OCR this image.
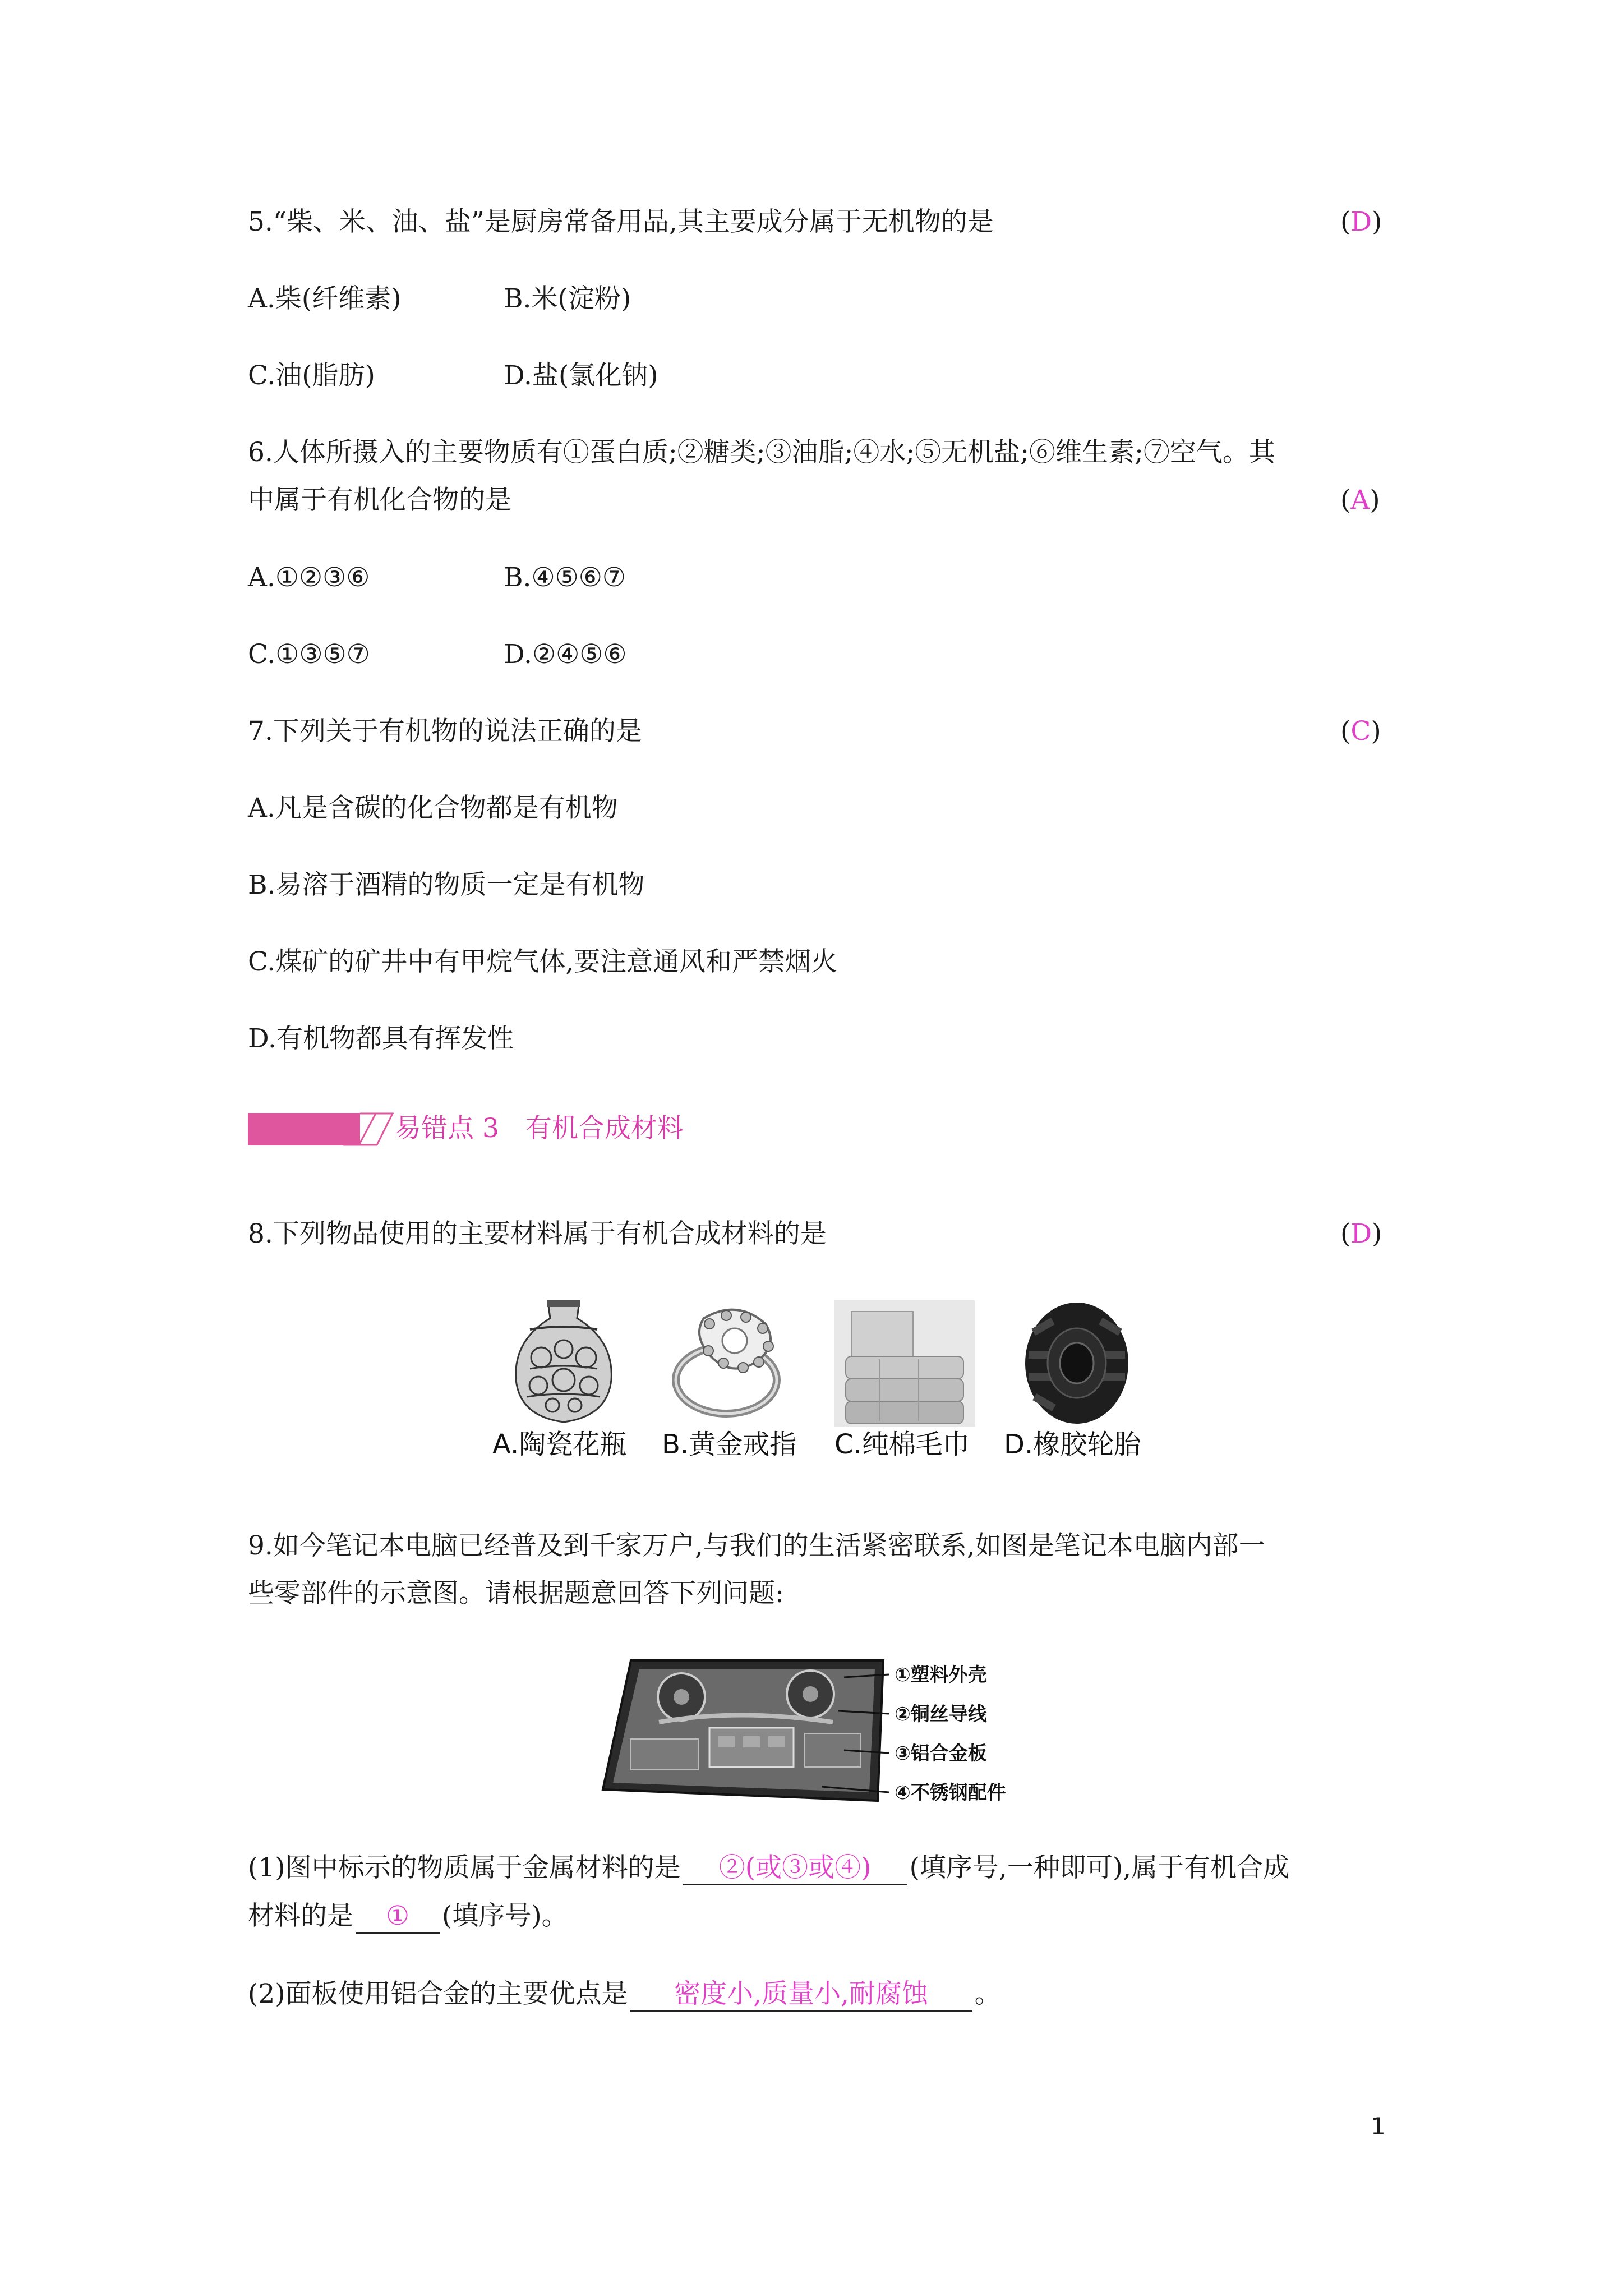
5.“柴、米、油、盐”是厨房常备用品,其主要成分属于无机物的是	(D)
A.柴(纤维素)	B.米(淀粉)
C.油(脂肪)	D.盐(氯化钠)
6.人体所摄入的主要物质有①蛋白质;②糖类;③油脂;④水;⑤无机盐;⑥维生素;⑦空气。其
中属于有机化合物的是	(A)
A.①②③⑥	B.④⑤⑥⑦
C.①③⑤⑦	D.②④⑤⑥
7.下列关于有机物的说法正确的是	(C)
A.凡是含碳的化合物都是有机物
B.易溶于酒精的物质一定是有机物
C.煤矿的矿井中有甲烷气体,要注意通风和严禁烟火
D.有机物都具有挥发性
易错点 3　有机合成材料
8.下列物品使用的主要材料属于有机合成材料的是	(D)
A.陶瓷花瓶 B.黄金戒指 C.纯棉毛巾 D.橡胶轮胎
9.如今笔记本电脑已经普及到千家万户,与我们的生活紧密联系,如图是笔记本电脑内部一
些零部件的示意图。请根据题意回答下列问题:
①塑料外壳
②铜丝导线
③铝合金板
④不锈钢配件
(1)图中标示的物质属于金属材料的是 ②(或③或④) (填序号,一种即可),属于有机合成
材料的是 ① (填序号)。
(2)面板使用铝合金的主要优点是 密度小,质量小,耐腐蚀 。
1
